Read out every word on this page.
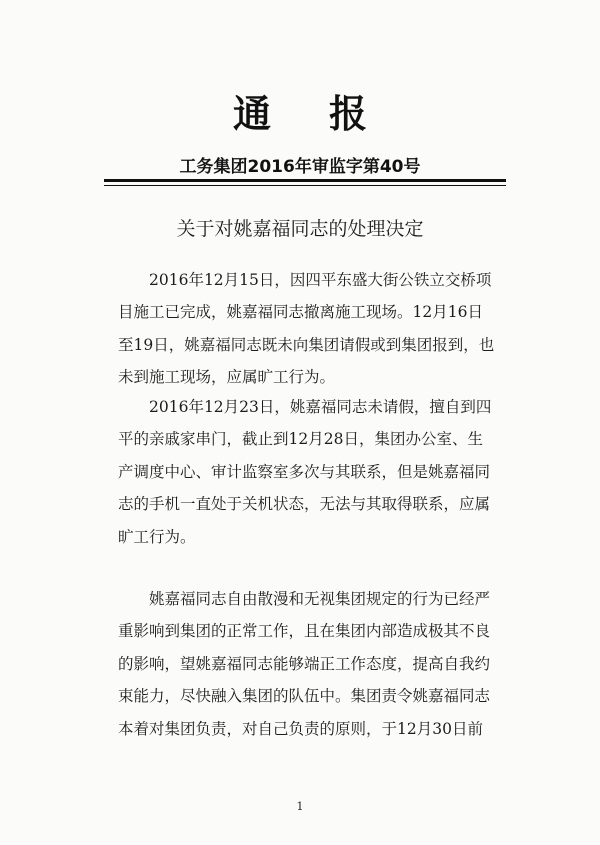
通报
工务集团2016年审监字第40号
关于对姚嘉福同志的处理决定

2016年12月15日，因四平东盛大街公铁立交桥项目施工已完成，姚嘉福同志撤离施工现场。12月16日至19日，姚嘉福同志既未向集团请假或到集团报到，也未到施工现场，应属旷工行为。

2016年12月23日，姚嘉福同志未请假，擅自到四平的亲戚家串门，截止到12月28日，集团办公室、生产调度中心、审计监察室多次与其联系，但是姚嘉福同志的手机一直处于关机状态，无法与其取得联系，应属旷工行为。

姚嘉福同志自由散漫和无视集团规定的行为已经严重影响到集团的正常工作，且在集团内部造成极其不良的影响，望姚嘉福同志能够端正工作态度，提高自我约束能力，尽快融入集团的队伍中。集团责令姚嘉福同志本着对集团负责，对自己负责的原则，于12月30日前

1
